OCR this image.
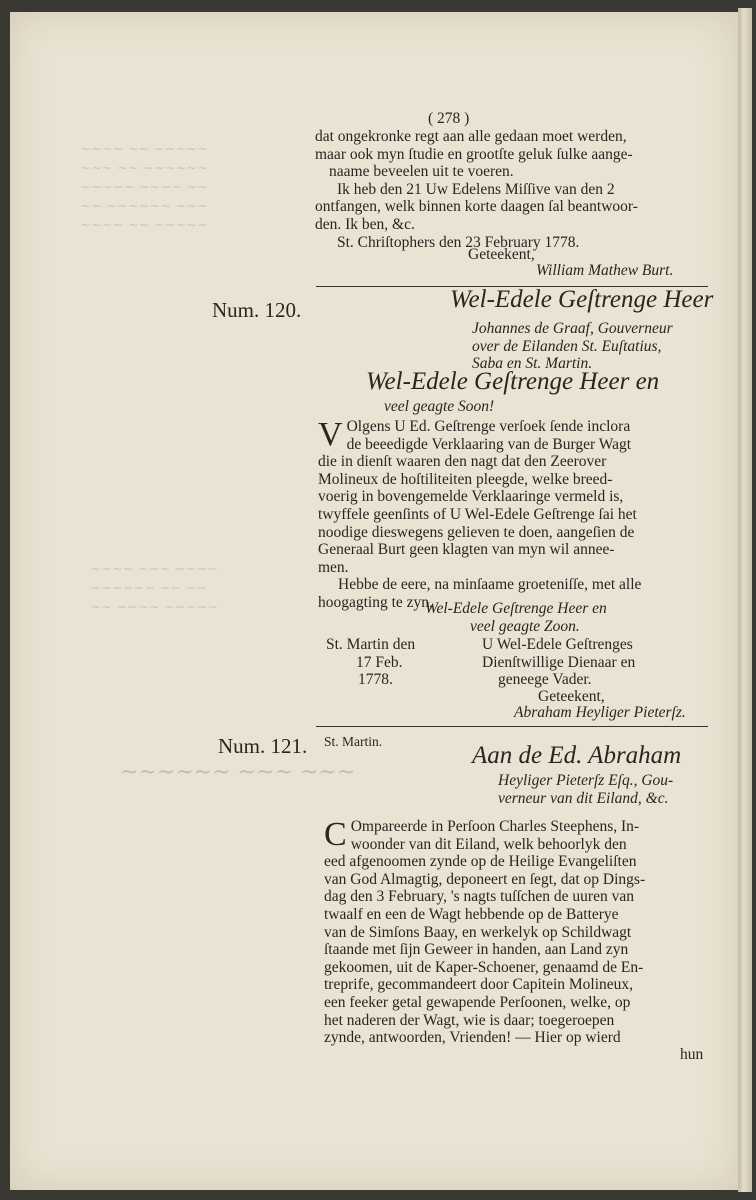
~~~~ ~~ ~~~~~
~~~ ~~ ~~~~~~
~~~~~ ~~~~ ~~
~~ ~~~~~~ ~~~
~~~~ ~~ ~~~~~
~~~~ ~~~ ~~~~
~~~~~~ ~~ ~~
~~ ~~~~ ~~~~~
~~~~~~ ~~~ ~~~
( 278 )
dat ongekronke regt aan alle gedaan moet werden,
maar ook myn ſtudie en grootſte geluk ſulke aange-
naame beveelen uit te voeren.
Ik heb den 21 Uw Edelens Miſſive van den 2
ontfangen, welk binnen korte daagen ſal beantwoor-
den. Ik ben, &c.
St. Chriſtophers den 23 February 1778.
Geteekent,
William Mathew Burt.
Num. 120.	Wel-Edele Geſtrenge Heer
Johannes de Graaf, Gouverneur
over de Eilanden St. Euſtatius,
Saba en St. Martin.
Wel-Edele Geſtrenge Heer en
veel geagte Soon!
V Olgens U Ed. Geſtrenge verſoek ſende inclora
de beeedigde Verklaaring van de Burger Wagt
die in dienſt waaren den nagt dat den Zeerover
Molineux de hoſtiliteiten pleegde, welke breed-
voerig in bovengemelde Verklaaringe vermeld is,
twyffele geenſints of U Wel-Edele Geſtrenge ſai het
noodige dieswegens gelieven te doen, aangeſien de
Generaal Burt geen klagten van myn wil annee-
men.
Hebbe de eere, na minſaame groeteniſſe, met alle
hoogagting te zyn,
Wel-Edele Geſtrenge Heer en
veel geagte Zoon.
St. Martin den
17 Feb.
1778.
U Wel-Edele Geſtrenges
Dienſtwillige Dienaar en
geneege Vader.
Geteekent,
Abraham Heyliger Pieterſz.
Num. 121. St. Martin.
Aan de Ed. Abraham
Heyliger Pieterſz Eſq., Gou-
verneur van dit Eiland, &c.
C Ompareerde in Perſoon Charles Steephens, In-
woonder van dit Eiland, welk behoorlyk den
eed afgenoomen zynde op de Heilige Evangeliſten
van God Almagtig, deponeert en ſegt, dat op Dings-
dag den 3 February, 's nagts tuſſchen de uuren van
twaalf en een de Wagt hebbende op de Batterye
van de Simſons Baay, en werkelyk op Schildwagt
ſtaande met ſijn Geweer in handen, aan Land zyn
gekoomen, uit de Kaper-Schoener, genaamd de En-
treprife, gecommandeert door Capitein Molineux,
een feeker getal gewapende Perſoonen, welke, op
het naderen der Wagt, wie is daar; toegeroepen
zynde, antwoorden, Vrienden! — Hier op wierd
hun
